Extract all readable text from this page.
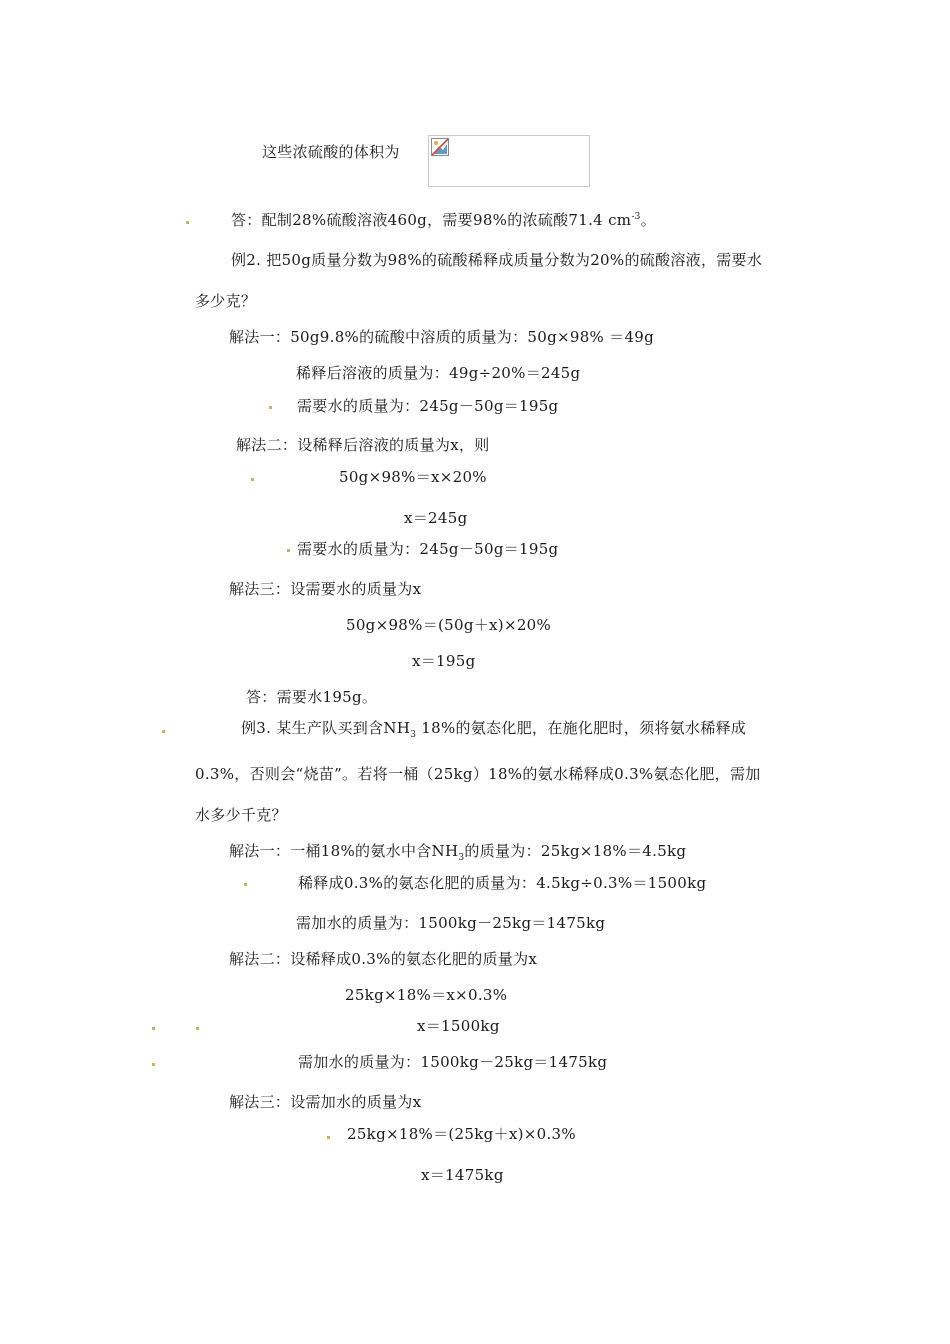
这些浓硫酸的体积为
答：配制28%硫酸溶液460g，需要98%的浓硫酸71.4 $cm^{-3}$。
例2. 把50g质量分数为98%的硫酸稀释成质量分数为20%的硫酸溶液，需要水
多少克？
解法一：50g9.8%的硫酸中溶质的质量为：50g×98% ＝49g
稀释后溶液的质量为：49g÷20%＝245g
需要水的质量为：245g－50g＝195g
解法二：设稀释后溶液的质量为x，则
50g×98%＝x×20%
x＝245g
需要水的质量为：245g－50g＝195g
解法三：设需要水的质量为x
50g×98%＝(50g＋x)×20%
x＝195g
答：需要水195g。
例3. 某生产队买到含$NH_3$ 18%的氨态化肥，在施化肥时，须将氨水稀释成
0.3%，否则会“烧苗”。若将一桶（25kg）18%的氨水稀释成0.3%氨态化肥，需加
水多少千克？
解法一：一桶18%的氨水中含$NH_3$的质量为：25kg×18%＝4.5kg
稀释成0.3%的氨态化肥的质量为：4.5kg÷0.3%＝1500kg
需加水的质量为：1500kg－25kg＝1475kg
解法二：设稀释成0.3%的氨态化肥的质量为x
25kg×18%＝x×0.3%
x＝1500kg
需加水的质量为：1500kg－25kg＝1475kg
解法三：设需加水的质量为x
25kg×18%＝(25kg＋x)×0.3%
x＝1475kg
